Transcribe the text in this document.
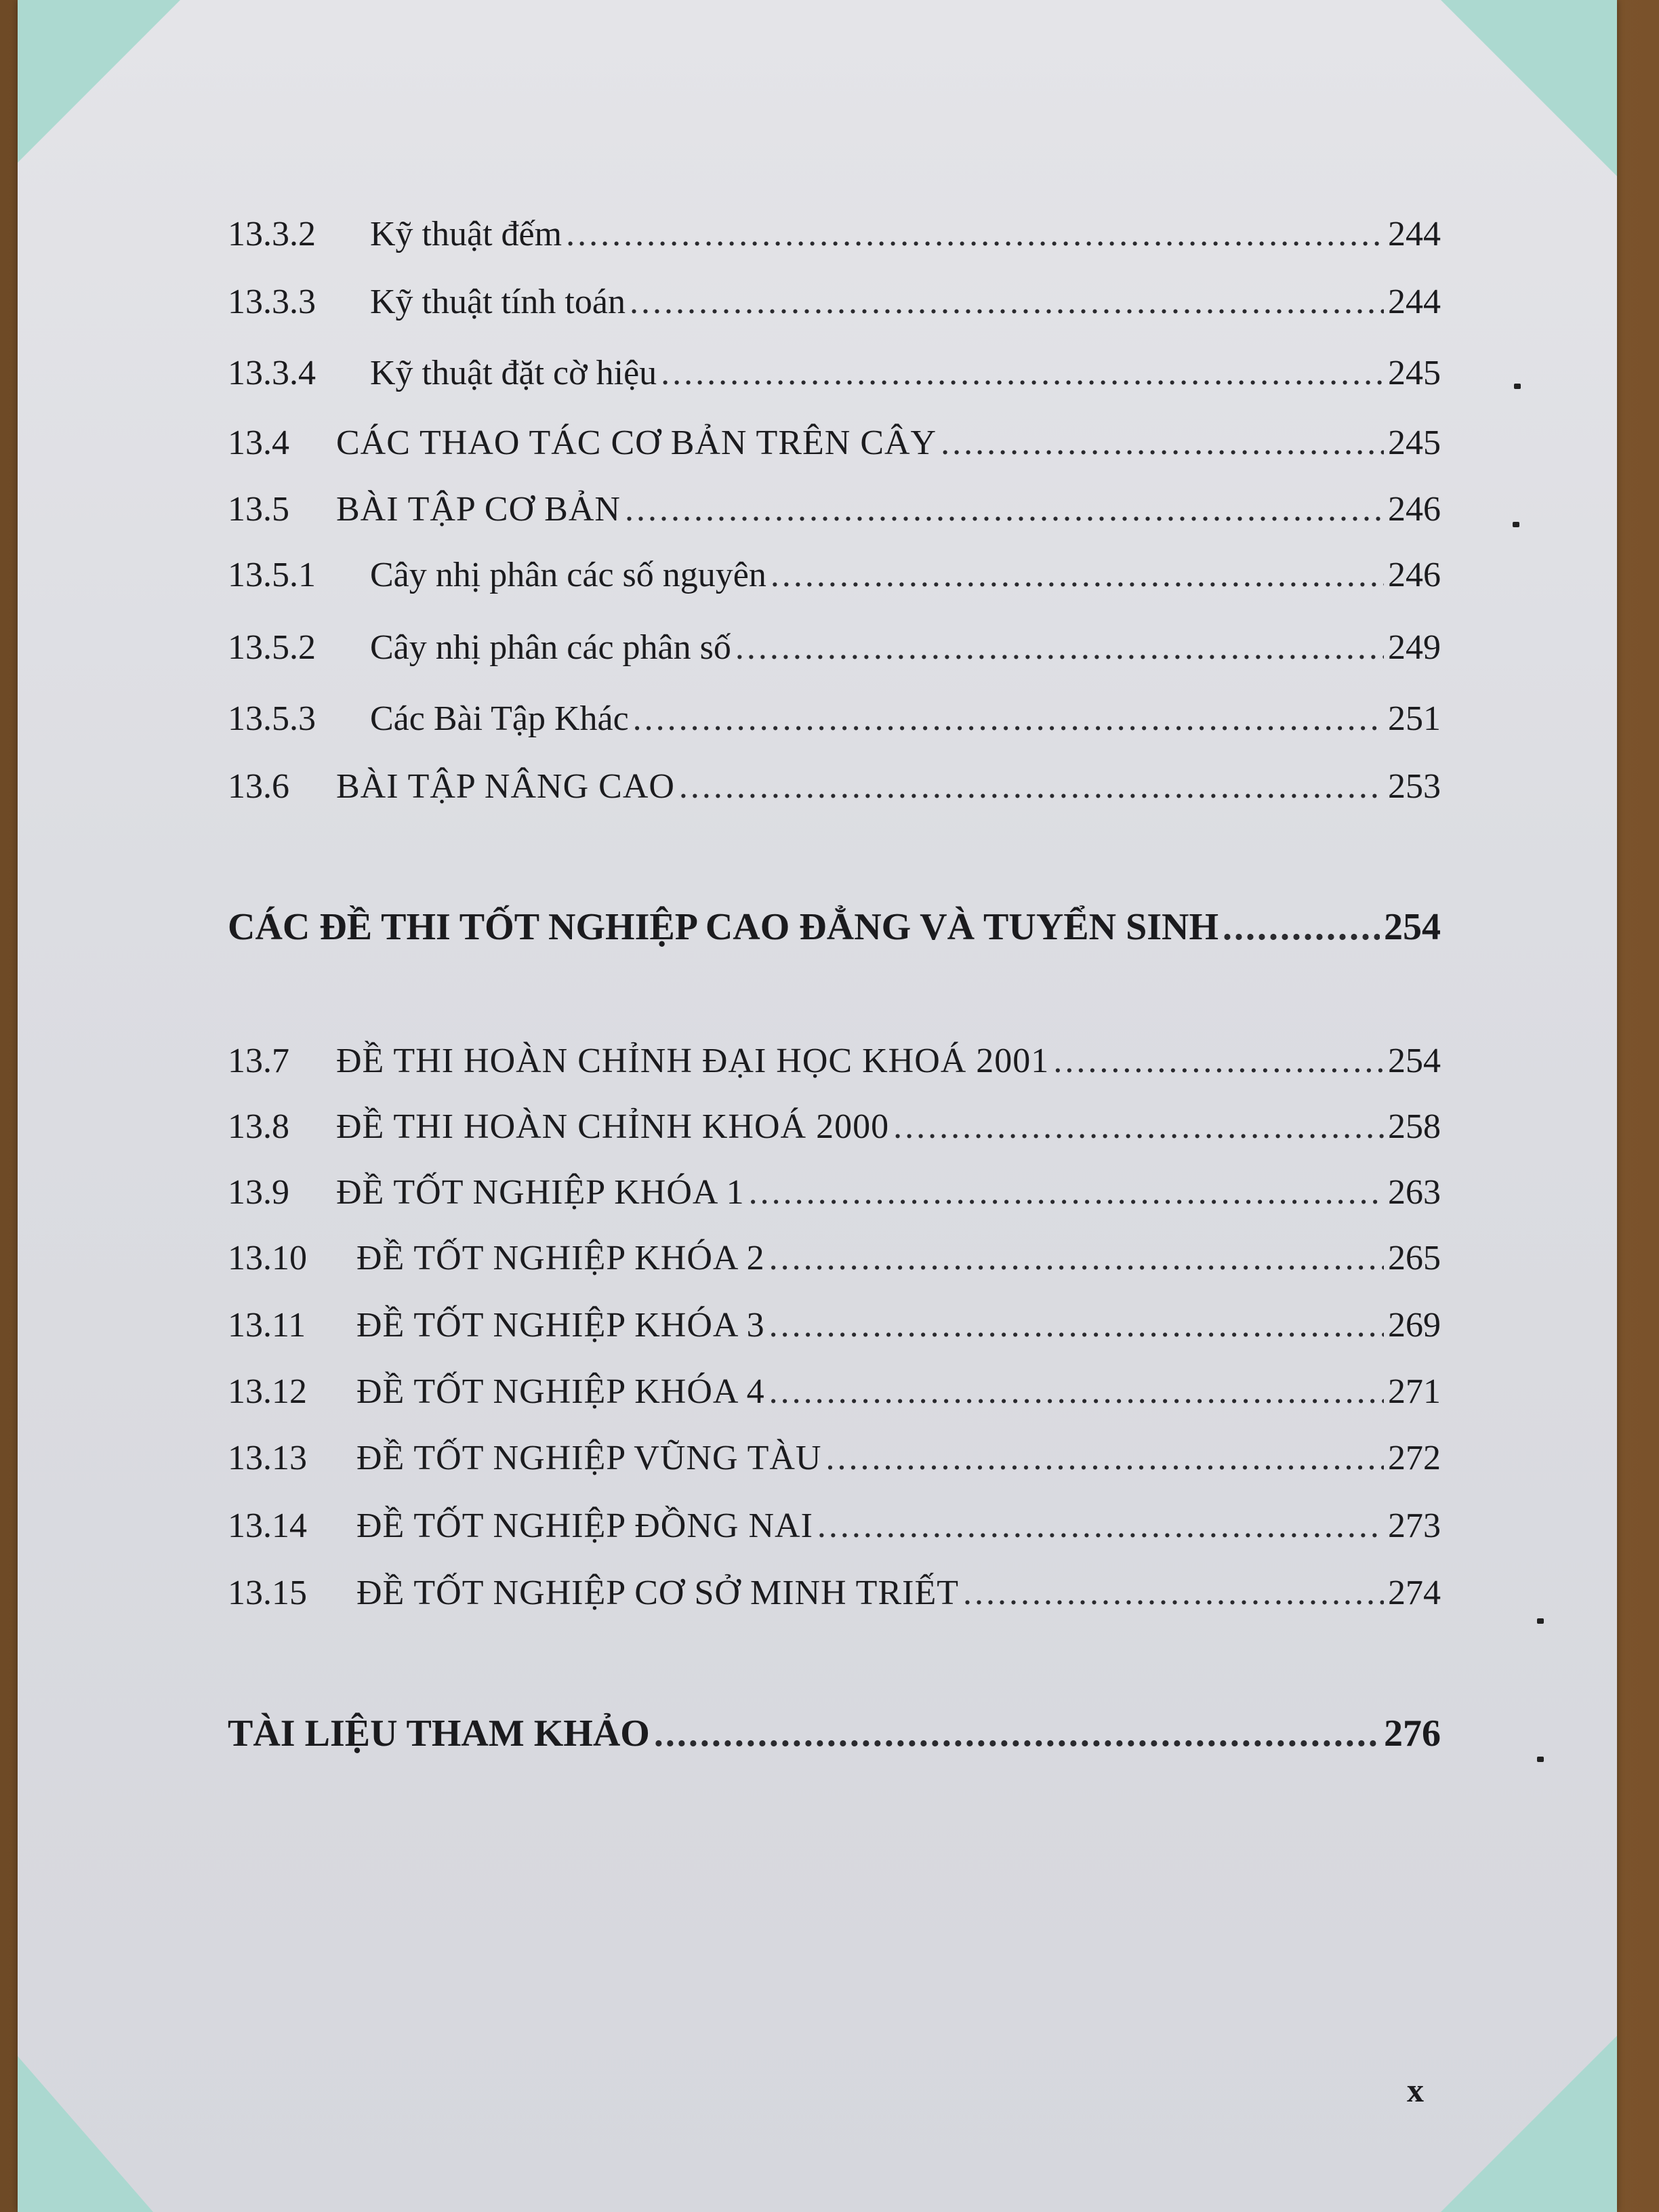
13.3.2	Kỹ thuật đếm .....	244
13.3.3	Kỹ thuật tính toán .....	244
13.3.4	Kỹ thuật đặt cờ hiệu .....	245
13.4	CÁC THAO TÁC CƠ BẢN TRÊN CÂY .....	245
13.5	BÀI TẬP CƠ BẢN .....	246
13.5.1	Cây nhị phân các số nguyên .....	246
13.5.2	Cây nhị phân các phân số .....	249
13.5.3	Các Bài Tập Khác .....	251
13.6	BÀI TẬP NÂNG CAO .....	253
CÁC ĐỀ THI TỐT NGHIỆP CAO ĐẲNG VÀ TUYỂN SINH .....	254
13.7	ĐỀ THI HOÀN CHỈNH ĐẠI HỌC KHOÁ 2001 .....	254
13.8	ĐỀ THI HOÀN CHỈNH KHOÁ 2000 .....	258
13.9	ĐỀ TỐT NGHIỆP KHÓA 1 .....	263
13.10	ĐỀ TỐT NGHIỆP KHÓA 2 .....	265
13.11	ĐỀ TỐT NGHIỆP KHÓA 3 .....	269
13.12	ĐỀ TỐT NGHIỆP KHÓA 4 .....	271
13.13	ĐỀ TỐT NGHIỆP VŨNG TÀU .....	272
13.14	ĐỀ TỐT NGHIỆP ĐỒNG NAI .....	273
13.15	ĐỀ TỐT NGHIỆP CƠ SỞ MINH TRIẾT .....	274
TÀI LIỆU THAM KHẢO .....	276
x
